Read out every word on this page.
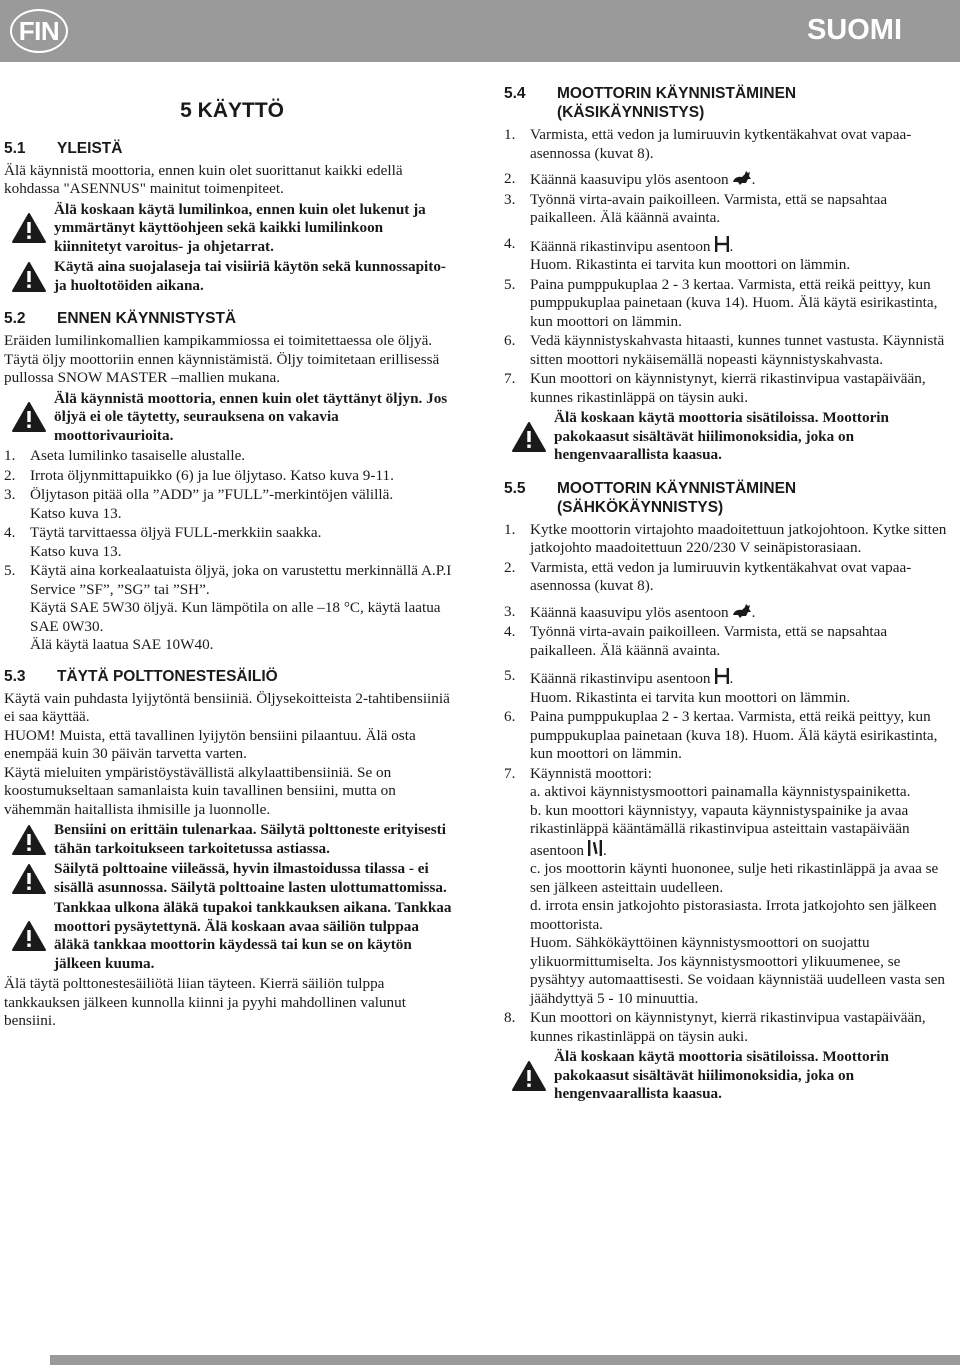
FIN	SUOMI
5 KÄYTTÖ
5.1 YLEISTÄ

Älä käynnistä moottoria, ennen kuin olet suorittanut kaikki edellä kohdassa "ASENNUS" mainitut toimenpiteet.

Älä koskaan käytä lumilinkoa, ennen kuin olet lukenut ja ymmärtänyt käyttöohjeen sekä kaikki lumilinkoon kiinnitetyt varoitus- ja ohjetarrat.
Käytä aina suojalaseja tai visiiriä käytön sekä kunnossapito- ja huoltotöiden aikana.
5.2 ENNEN KÄYNNISTYSTÄ

Eräiden lumilinkomallien kampikammiossa ei toimitettaessa ole öljyä. Täytä öljy moottoriin ennen käynnistämistä. Öljy toimitetaan erillisessä pullossa SNOW MASTER –mallien mukana.

Älä käynnistä moottoria, ennen kuin olet täyttänyt öljyn. Jos öljyä ei ole täytetty, seurauksena on vakavia moottorivaurioita.
1. Aseta lumilinko tasaiselle alustalle.
2. Irrota öljynmittapuikko (6) ja lue öljytaso. Katso kuva 9-11.
3. Öljytason pitää olla ”ADD” ja ”FULL”-merkintöjen välillä.
Katso kuva 13.
4. Täytä tarvittaessa öljyä FULL-merkkiin saakka.
Katso kuva 13.
5. Käytä aina korkealaatuista öljyä, joka on varustettu merkinnällä A.P.I Service ”SF”, ”SG” tai ”SH”.
Käytä SAE 5W30 öljyä. Kun lämpötila on alle –18 °C, käytä laatua SAE 0W30.
Älä käytä laatua SAE 10W40.
5.3 TÄYTÄ POLTTONESTESÄILIÖ

Käytä vain puhdasta lyijytöntä bensiiniä. Öljysekoitteista 2-tahtibensiiniä ei saa käyttää.

HUOM! Muista, että tavallinen lyijytön bensiini pilaantuu. Älä osta enempää kuin 30 päivän tarvetta varten.

Käytä mieluiten ympäristöystävällistä alkylaattibensiiniä. Se on koostumukseltaan samanlaista kuin tavallinen bensiini, mutta on vähemmän haitallista ihmisille ja luonnolle.

Bensiini on erittäin tulenarkaa. Säilytä polttoneste erityisesti tähän tarkoitukseen tarkoitetussa astiassa.
Säilytä polttoaine viileässä, hyvin ilmastoidussa tilassa - ei sisällä asunnossa. Säilytä polttoaine lasten ulottumattomissa.
Tankkaa ulkona äläkä tupakoi tankkauksen aikana. Tankkaa moottori pysäytettynä. Älä koskaan avaa säiliön tulppaa äläkä tankkaa moottorin käydessä tai kun se on käytön jälkeen kuuma.

Älä täytä polttonestesäiliötä liian täyteen. Kierrä säiliön tulppa tankkauksen jälkeen kunnolla kiinni ja pyyhi mahdollinen valunut bensiini.

5.4	MOOTTORIN KÄYNNISTÄMINEN
(KÄSIKÄYNNISTYS)
1. Varmista, että vedon ja lumiruuvin kytkentäkahvat ovat vapaa-asennossa (kuvat 8).
2. Käännä kaasuvipu ylös asentoon .
3. Työnnä virta-avain paikoilleen. Varmista, että se napsahtaa paikalleen. Älä käännä avainta.
4. Käännä rikastinvipu asentoon .
Huom. Rikastinta ei tarvita kun moottori on lämmin.
5. Paina pumppukuplaa 2 - 3 kertaa. Varmista, että reikä peittyy, kun pumppukuplaa painetaan (kuva 14). Huom. Älä käytä esirikastinta, kun moottori on lämmin.
6. Vedä käynnistyskahvasta hitaasti, kunnes tunnet vastusta. Käynnistä sitten moottori nykäisemällä nopeasti käynnistyskahvasta.
7. Kun moottori on käynnistynyt, kierrä rikastinvipua vastapäivään, kunnes rikastinläppä on täysin auki.
Älä koskaan käytä moottoria sisätiloissa. Moottorin pakokaasut sisältävät hiilimonoksidia, joka on hengenvaarallista kaasua.
5.5	MOOTTORIN KÄYNNISTÄMINEN
(SÄHKÖKÄYNNISTYS)
1. Kytke moottorin virtajohto maadoitettuun jatkojohtoon. Kytke sitten jatkojohto maadoitettuun 220/230 V seinäpistorasiaan.
2. Varmista, että vedon ja lumiruuvin kytkentäkahvat ovat vapaa-asennossa (kuvat 8).
3. Käännä kaasuvipu ylös asentoon .
4. Työnnä virta-avain paikoilleen. Varmista, että se napsahtaa paikalleen. Älä käännä avainta.
5. Käännä rikastinvipu asentoon .
Huom. Rikastinta ei tarvita kun moottori on lämmin.
6. Paina pumppukuplaa 2 - 3 kertaa. Varmista, että reikä peittyy, kun pumppukuplaa painetaan (kuva 18). Huom. Älä käytä esirikastinta, kun moottori on lämmin.
7. Käynnistä moottori:
a. aktivoi käynnistysmoottori painamalla käynnistyspainiketta.
b. kun moottori käynnistyy, vapauta käynnistyspainike ja avaa rikastinläppä kääntämällä rikastinvipua asteittain vastapäivään asentoon .
c. jos moottorin käynti huononee, sulje heti rikastinläppä ja avaa se sen jälkeen asteittain uudelleen.
d. irrota ensin jatkojohto pistorasiasta. Irrota jatkojohto sen jälkeen moottorista.
Huom. Sähkökäyttöinen käynnistysmoottori on suojattu ylikuormittumiselta. Jos käynnistysmoottori ylikuumenee, se pysähtyy automaattisesti. Se voidaan käynnistää uudelleen vasta sen jäähdyttyä 5 - 10 minuuttia.
8. Kun moottori on käynnistynyt, kierrä rikastinvipua vastapäivään, kunnes rikastinläppä on täysin auki.
Älä koskaan käytä moottoria sisätiloissa. Moottorin pakokaasut sisältävät hiilimonoksidia, joka on hengenvaarallista kaasua.
